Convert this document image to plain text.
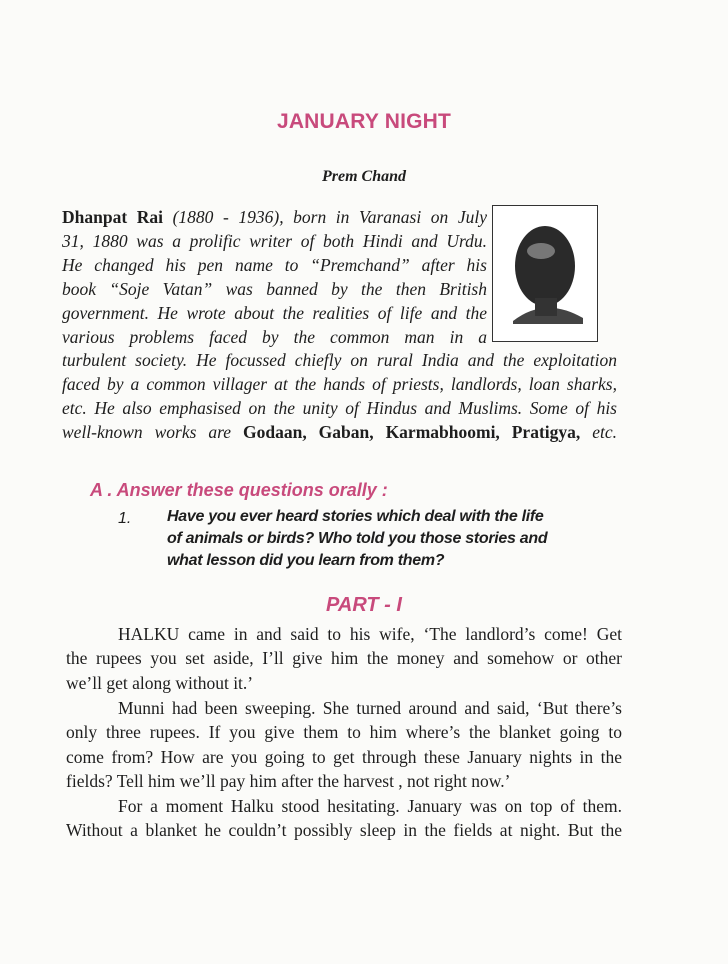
JANUARY NIGHT
Prem Chand
Dhanpat Rai (1880 - 1936), born in Varanasi on July
31, 1880 was a prolific writer of both Hindi and Urdu.
He changed his pen name to “Premchand” after his
book “Soje Vatan” was banned by the then British
government. He wrote about the realities of life and the
various problems faced by the common man in a
turbulent society. He focussed chiefly on rural India and the exploitation
faced by a common villager at the hands of priests, landlords, loan sharks,
etc. He also emphasised on the unity of Hindus and Muslims. Some of his
well-known works are Godaan, Gaban, Karmabhoomi, Pratigya, etc.
A . Answer these questions orally :
1. Have you ever heard stories which deal with the life
of animals or birds? Who told you those stories and
what lesson did you learn from them?
PART - I
HALKU came in and said to his wife, ‘The landlord’s come! Get
the rupees you set aside, I’ll give him the money and somehow or other
we’ll get along without it.’
Munni had been sweeping. She turned around and said, ‘But there’s
only three rupees. If you give them to him where’s the blanket going to
come from? How are you going to get through these January nights in the
fields? Tell him we’ll pay him after the harvest , not right now.’
For a moment Halku stood hesitating. January was on top of them.
Without a blanket he couldn’t possibly sleep in the fields at night. But the
